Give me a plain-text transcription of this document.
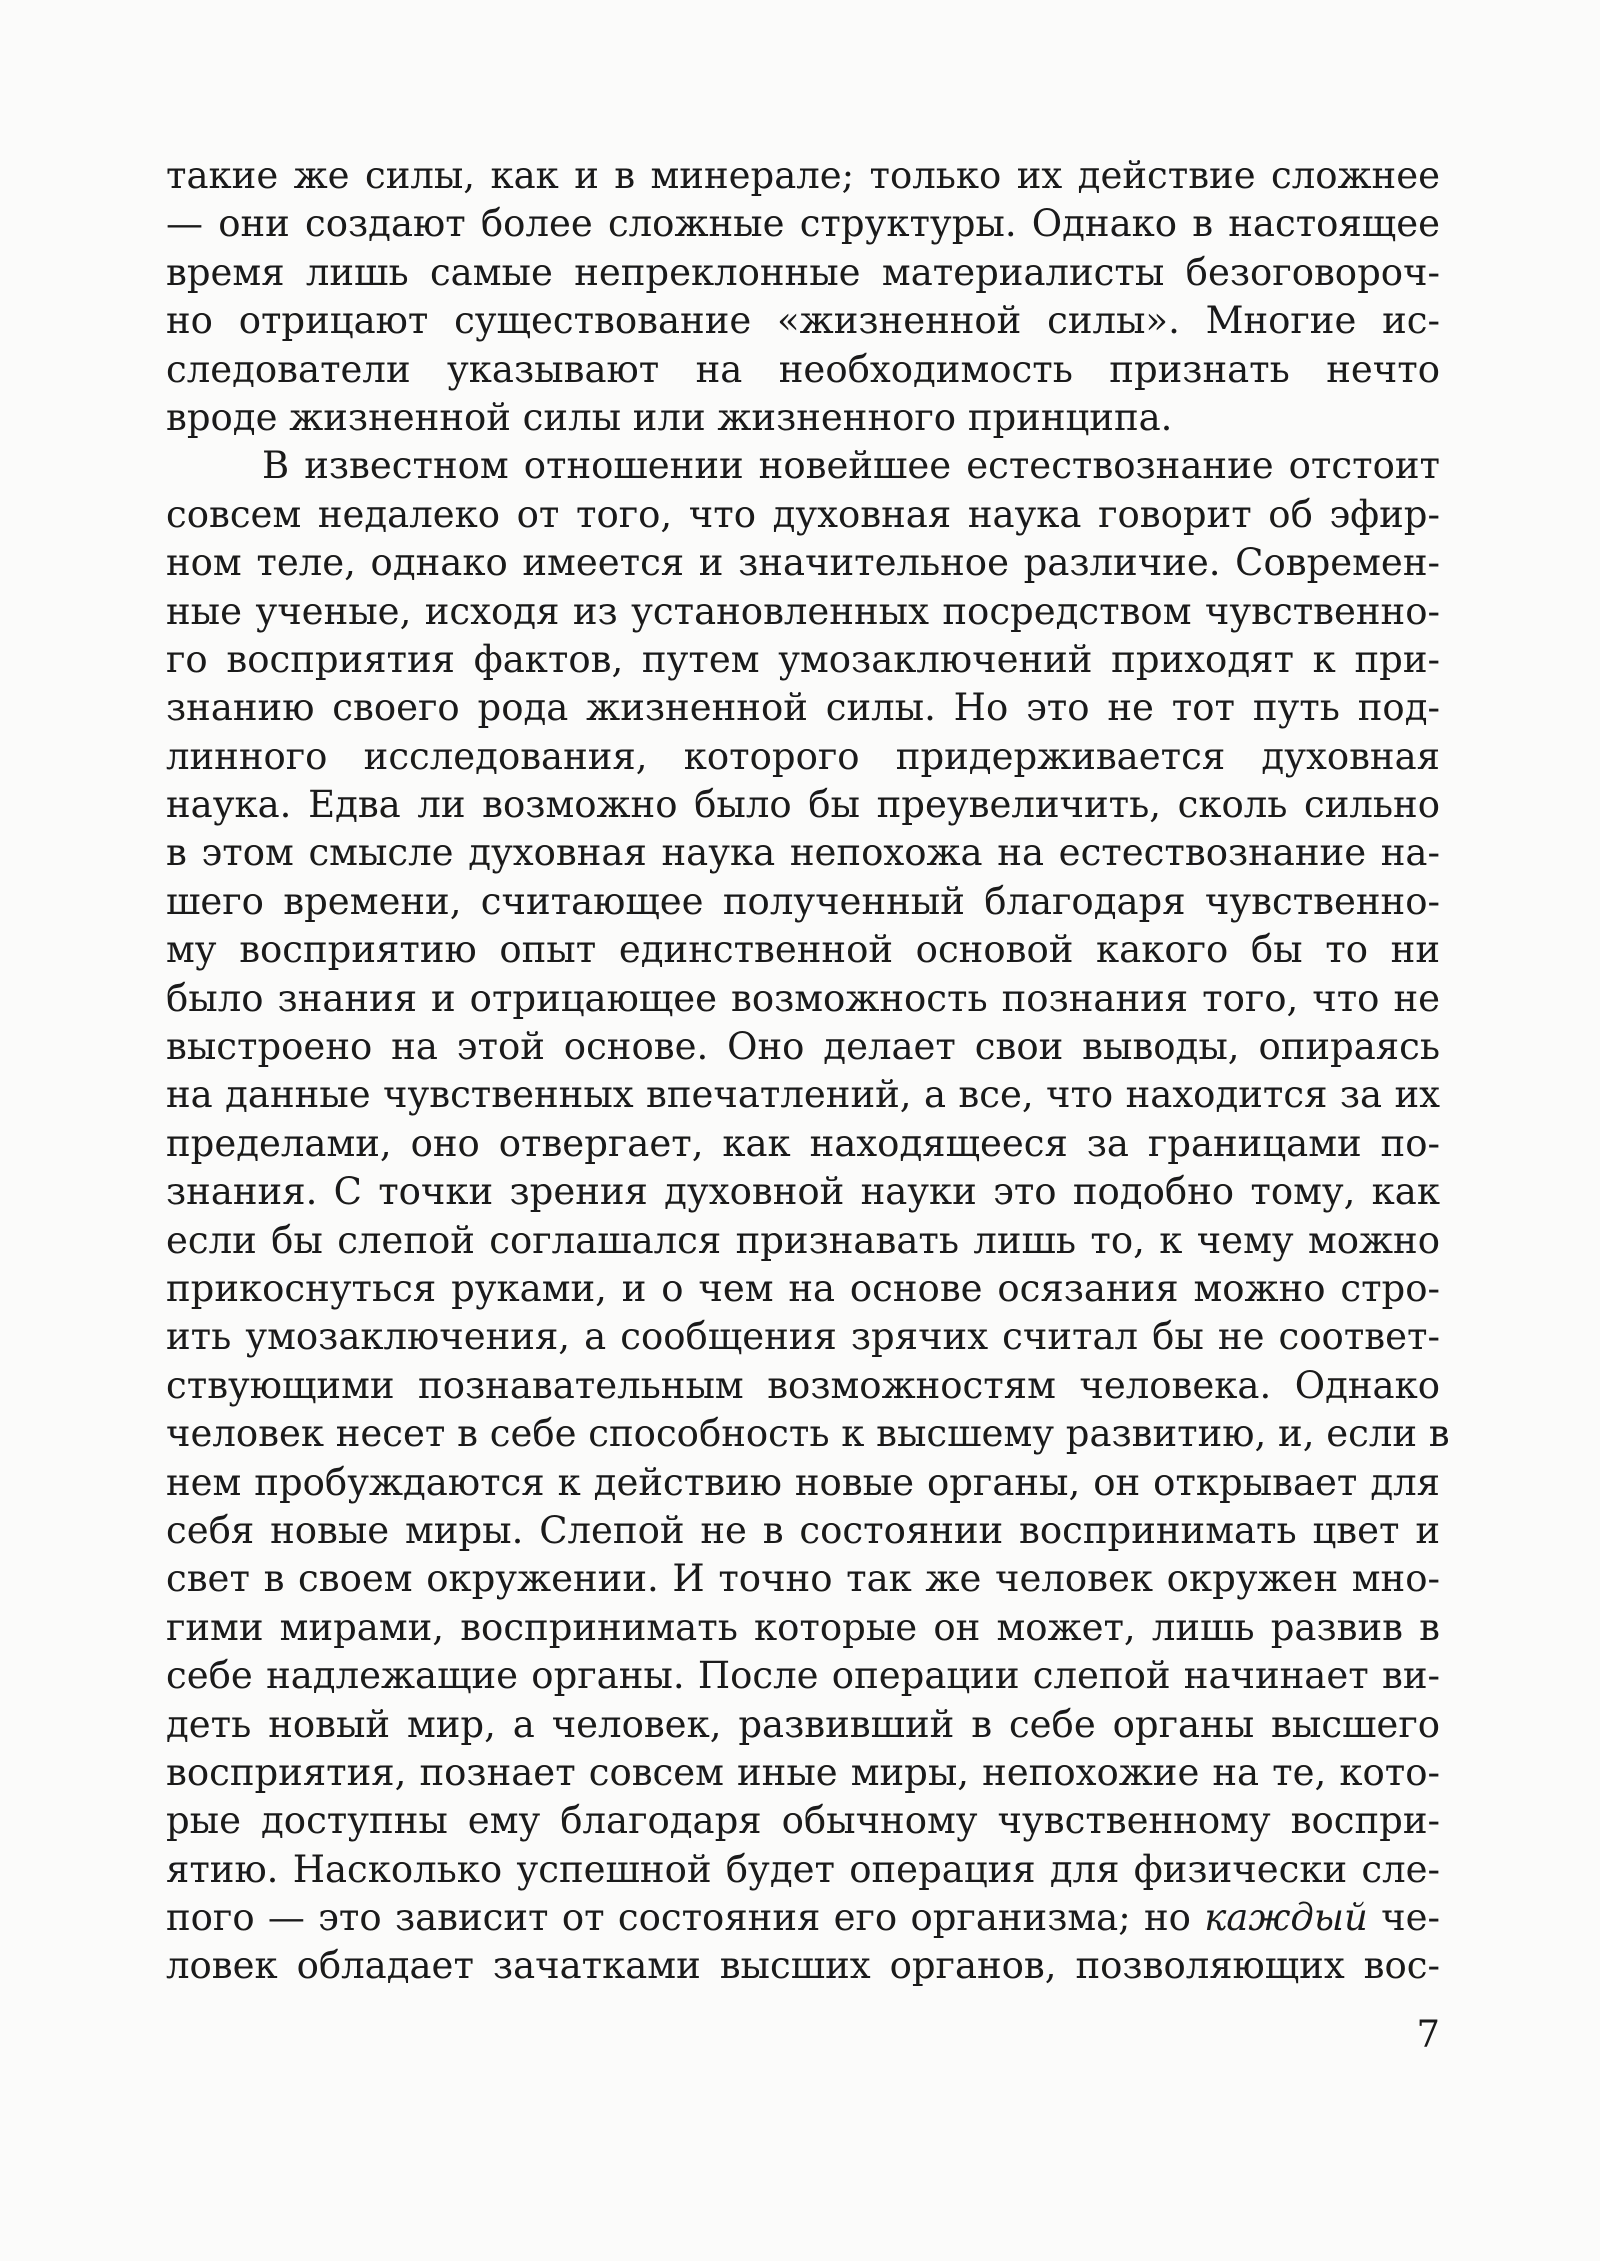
такие же силы, как и в минерале; только их действие сложнее
— они создают более сложные структуры. Однако в настоящее
время лишь самые непреклонные материалисты безоговороч-
но отрицают существование «жизненной силы». Многие ис-
следователи указывают на необходимость признать нечто
вроде жизненной силы или жизненного принципа.
В известном отношении новейшее естествознание отстоит
совсем недалеко от того, что духовная наука говорит об эфир-
ном теле, однако имеется и значительное различие. Современ-
ные ученые, исходя из установленных посредством чувственно-
го восприятия фактов, путем умозаключений приходят к при-
знанию своего рода жизненной силы. Но это не тот путь под-
линного исследования, которого придерживается духовная
наука. Едва ли возможно было бы преувеличить, сколь сильно
в этом смысле духовная наука непохожа на естествознание на-
шего времени, считающее полученный благодаря чувственно-
му восприятию опыт единственной основой какого бы то ни
было знания и отрицающее возможность познания того, что не
выстроено на этой основе. Оно делает свои выводы, опираясь
на данные чувственных впечатлений, а все, что находится за их
пределами, оно отвергает, как находящееся за границами по-
знания. С точки зрения духовной науки это подобно тому, как
если бы слепой соглашался признавать лишь то, к чему можно
прикоснуться руками, и о чем на основе осязания можно стро-
ить умозаключения, а сообщения зрячих считал бы не соответ-
ствующими познавательным возможностям человека. Однако
человек несет в себе способность к высшему развитию, и, если в
нем пробуждаются к действию новые органы, он открывает для
себя новые миры. Слепой не в состоянии воспринимать цвет и
свет в своем окружении. И точно так же человек окружен мно-
гими мирами, воспринимать которые он может, лишь развив в
себе надлежащие органы. После операции слепой начинает ви-
деть новый мир, а человек, развивший в себе органы высшего
восприятия, познает совсем иные миры, непохожие на те, кото-
рые доступны ему благодаря обычному чувственному воспри-
ятию. Насколько успешной будет операция для физически сле-
пого — это зависит от состояния его организма; но каждый че-
ловек обладает зачатками высших органов, позволяющих вос-
7
